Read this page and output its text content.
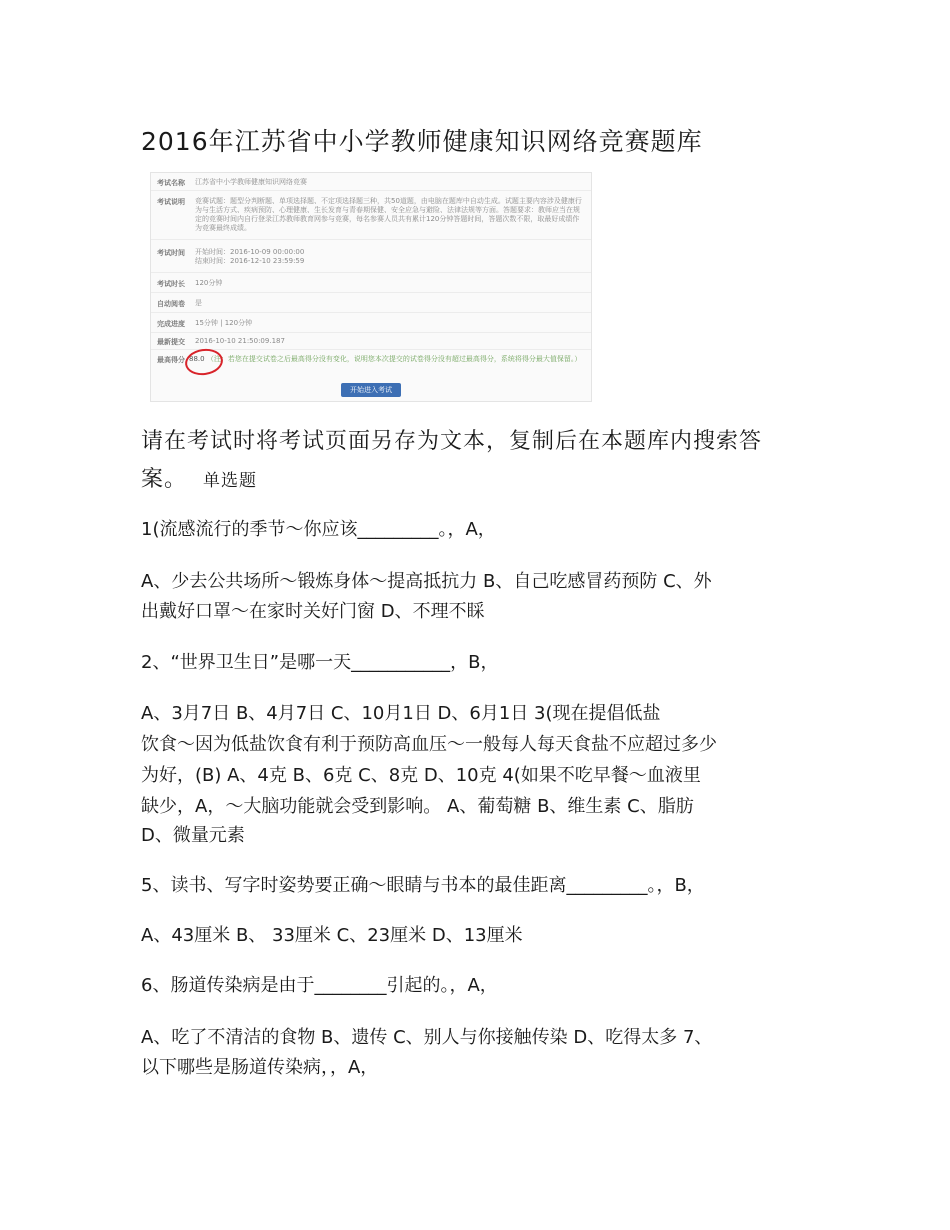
2016年江苏省中小学教师健康知识网络竞赛题库
考试名称 江苏省中小学教师健康知识网络竞赛
考试说明 竞赛试题：题型分判断题、单项选择题、不定项选择题三种，共50道题，由电脑在题库中自动生成。试题主要内容涉及健康行为与生活方式、疾病预防、心理健康、生长发育与青春期保健、安全应急与避险、法律法规等方面。答题要求：教师应当在规定的竞赛时间内自行登录江苏教师教育网参与竞赛，每名参赛人员共有累计120分钟答题时间，答题次数不限，取最好成绩作为竞赛最终成绩。
考试时间 开始时间：2016-10-09 00:00:00 结束时间：2016-12-10 23:59:59
考试时长 120分钟
自动阅卷 是
完成进度 15分钟 | 120分钟
最新提交 2016-10-10 21:50:09.187
最高得分 88.0 （注：若您在提交试卷之后最高得分没有变化，说明您本次提交的试卷得分没有超过最高得分，系统将得分最大值保留。）
开始进入考试

请在考试时将考试页面另存为文本，复制后在本题库内搜索答

案。 单选题

1(流感流行的季节～你应该_________。，A，

A、少去公共场所～锻炼身体～提高抵抗力 B、自己吃感冒药预防 C、外

出戴好口罩～在家时关好门窗 D、不理不睬

2、“世界卫生日”是哪一天___________，B，

A、3月7日 B、4月7日 C、10月1日 D、6月1日 3(现在提倡低盐

饮食～因为低盐饮食有利于预防高血压～一般每人每天食盐不应超过多少

为好，(B) A、4克 B、6克 C、8克 D、10克 4(如果不吃早餐～血液里

缺少，A，～大脑功能就会受到影响。 A、葡萄糖 B、维生素 C、脂肪

D、微量元素

5、读书、写字时姿势要正确～眼睛与书本的最佳距离_________。，B，

A、43厘米 B、 33厘米 C、23厘米 D、13厘米

6、肠道传染病是由于________引起的。，A，

A、吃了不清洁的食物 B、遗传 C、别人与你接触传染 D、吃得太多 7、

以下哪些是肠道传染病，，A，
